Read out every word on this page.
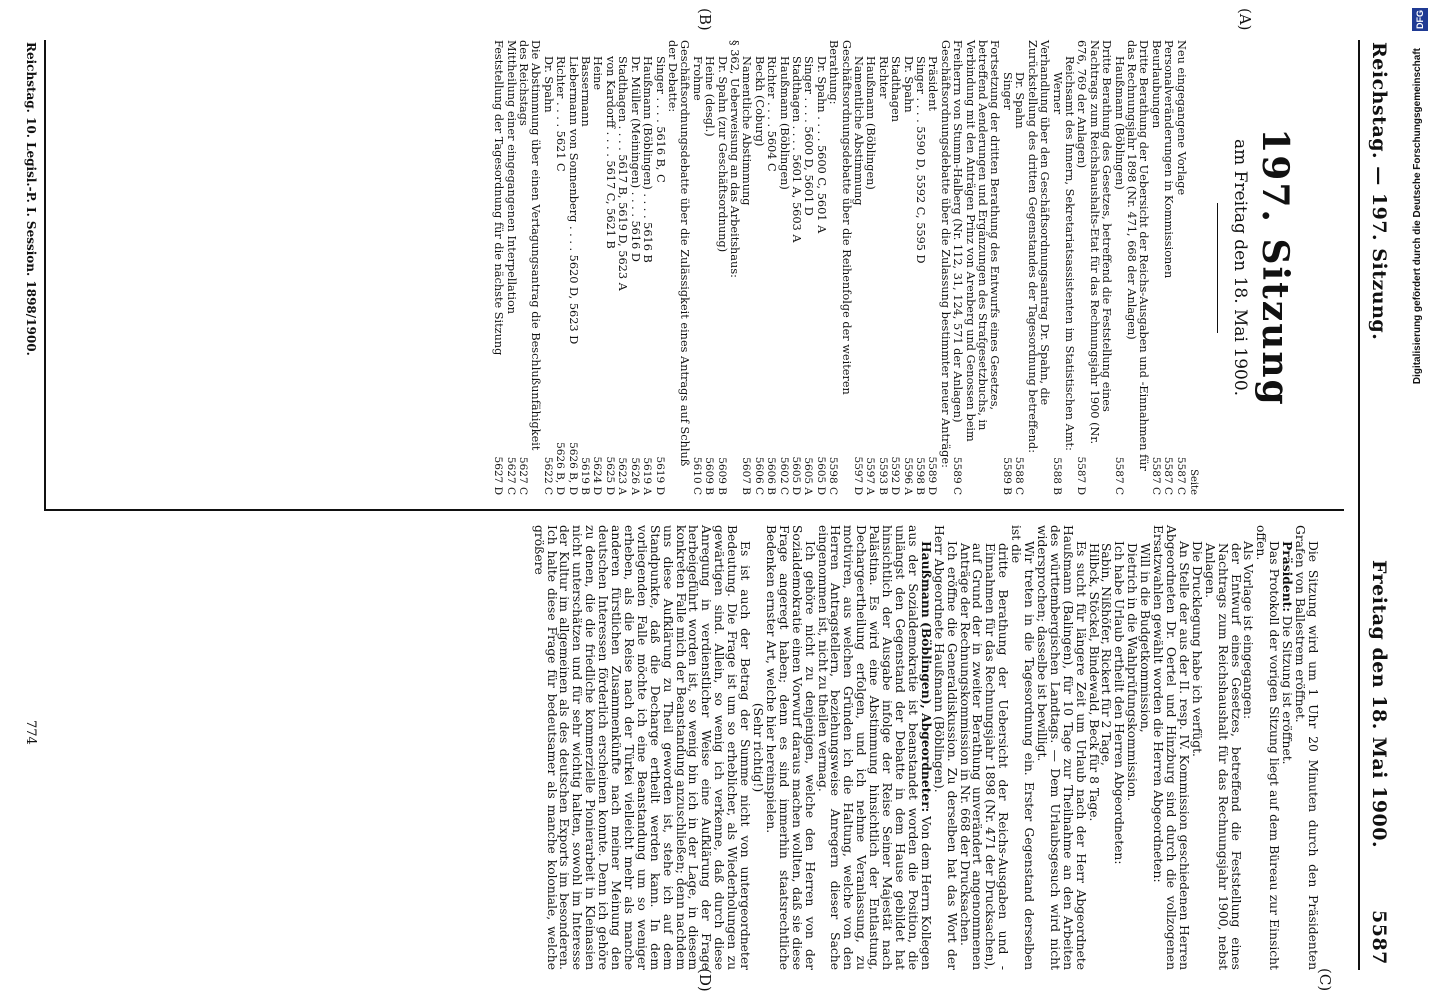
Reichstag. — 197. Sitzung.
Freitag den 18. Mai 1900.
5587
(A)
(B)
(C)
(D)
197. Sitzung

am Freitag den 18. Mai 1900.

Seite
Neu eingegangene Vorlage
5587 C
Personalveränderungen in Kommissionen
5587 C
Beurlaubungen
5587 C
Dritte Berathung der Uebersicht der Reichs-Ausgaben und -Einnahmen für das Rechnungsjahr 1898 (Nr. 471, 668 der Anlagen)
Haußmann (Böblingen)
5587 C
Dritte Berathung des Gesetzes, betreffend die Feststellung eines Nachtrags zum Reichshaushalts-Etat für das Rechnungsjahr 1900 (Nr. 676, 769 der Anlagen)
5587 D
Reichsamt des Innern, Sekretariatsassistenten im Statistischen Amt:
Werner
5588 B
Verhandlung über den Geschäftsordnungsantrag Dr. Spahn, die Zurückstellung des dritten Gegenstandes der Tagesordnung betreffend:
Dr. Spahn
5588 C
Singer
5589 B
Fortsetzung der dritten Berathung des Entwurfs eines Gesetzes, betreffend Aenderungen und Ergänzungen des Strafgesetzbuchs, in Verbindung mit den Anträgen Prinz von Arenberg und Genossen beim Freiherrn von Stumm-Halberg (Nr. 112, 31, 124, 571 der Anlagen)
5589 C
Geschäftsordnungsdebatte über die Zulassung bestimmter neuer Anträge:
Präsident
5589 D
Singer . . . . 5590 D, 5592 C, 5595 D
5598 B
Dr. Spahn
5596 A
Stadthagen
5592 D
Richter
5593 B
Haußmann (Böblingen)
5597 A
Namentliche Abstimmung
5597 D
Geschäftsordnungsdebatte über die Reihenfolge der weiteren Berathung:
5598 C
Dr. Spahn . . . . 5600 C, 5601 A
5605 D
Singer . . . . 5600 D, 5601 D
5605 A
Stadthagen . . . . 5601 A, 5603 A
5605 D
Haußmann (Böblingen)
5602 C
Richter . . . . 5604 C
5606 B
Beckh (Coburg)
5606 C
Namentliche Abstimmung
5607 B
§ 362, Ueberweisung an das Arbeitshaus:
Dr. Spahn (zur Geschäftsordnung)
5609 B
Heine (desgl.)
5609 B
Frohme
5610 C
Geschäftsordnungsdebatte über die Zulässigkeit eines Antrags auf Schluß der Debatte:
Singer . . . . 5616 B, C
5619 D
Haußmann (Böblingen) . . . . 5616 B
5619 A
Dr. Müller (Meiningen) . . . . 5616 D
5626 A
Stadthagen . . . . 5617 B, 5619 D, 5623 A
5623 A
von Kardorff . . . . 5617 C, 5621 B
5625 D
Heine
5624 D
Bassermann
5619 B
Liebermann von Sonnenberg . . . . 5620 D, 5623 D
5626 B, D
Richter . . . . 5621 C
5626 B, D
Dr. Spahn
5622 C
Die Abstimmung über einen Vertagungsantrag die Beschlußunfähigkeit des Reichstags
5627 C
Mittheilung einer eingegangenen Interpellation
5627 C
Feststellung der Tagesordnung für die nächste Sitzung
5627 D

Die Sitzung wird um 1 Uhr 20 Minuten durch den Präsidenten Grafen von Ballestrem eröffnet.

Präsident: Die Sitzung ist eröffnet.

Das Protokoll der vorigen Sitzung liegt auf dem Büreau zur Einsicht offen.

Als Vorlage ist eingegangen:

der Entwurf eines Gesetzes, betreffend die Feststellung eines Nachtrags zum Reichshaushalt für das Rechnungsjahr 1900, nebst Anlagen.

Die Drucklegung habe ich verfügt.

An Stelle der aus der II. resp. IV. Kommission geschiedenen Herren Abgeordneten Dr. Oertel und Hinzburg sind durch die vollzogenen Ersatzwahlen gewählt worden die Herren Abgeordneten:

Will in die Budgetkommission,

Dietrich in die Wahlprüfungskommission.

Ich habe Urlaub ertheilt den Herren Abgeordneten:

Sabin, Nißhöfer, Rickert für 2 Tage,

Hilbck, Stöckel, Bindewald, Beck für 8 Tage.

Es sucht für längere Zeit um Urlaub nach der Herr Abgeordnete Haußmann (Balingen), für 10 Tage zur Theilnahme an den Arbeiten des württembergischen Landtags. — Dem Urlaubsgesuch wird nicht widersprochen; dasselbe ist bewilligt.

Wir treten in die Tagesordnung ein. Erster Gegenstand derselben ist die

dritte Berathung der Uebersicht der Reichs-Ausgaben und -Einnahmen für das Rechnungsjahr 1898 (Nr. 471 der Drucksachen), auf Grund der in zweiter Berathung unverändert angenommenen Anträge der Rechnungskommission in Nr. 668 der Drucksachen.

Ich eröffne die Generaldiskussion. Zu derselben hat das Wort der Herr Abgeordnete Haußmann (Böblingen).

Haußmann (Böblingen), Abgeordneter: Von dem Herrn Kollegen aus der Sozialdemokratie ist beanstandet worden die Position, die unlängst den Gegenstand der Debatte in dem Hause gebildet hat hinsichtlich der Ausgabe infolge der Reise Seiner Majestät nach Palästina. Es wird eine Abstimmung hinsichtlich der Entlastung, Dechargeertheilung erfolgen, und ich nehme Veranlassung, zu motiviren, aus welchen Gründen ich die Haltung, welche von den Herren Antragstellern, beziehungsweise Anregern dieser Sache eingenommen ist, nicht zu theilen vermag.

Ich gehöre nicht zu denjenigen, welche den Herren von der Sozialdemokratie einen Vorwurf daraus machen wollten, daß sie diese Frage angeregt haben; denn es sind immerhin staatsrechtliche Bedenken ernster Art, welche hier hereinspielen.

(Sehr richtig!)

Es ist auch der Betrag der Summe nicht von untergeordneter Bedeutung. Die Frage ist um so erheblicher, als Wiederholungen zu gewärtigen sind. Allein, so wenig ich verkenne, daß durch diese Anregung in verdienstlicher Weise eine Aufklärung der Frage herbeigeführt worden ist, so wenig bin ich in der Lage, in diesem konkreten Falle mich der Beanstandung anzuschließen; denn nachdem uns diese Aufklärung zu Theil geworden ist, stehe ich auf dem Standpunkte, daß die Decharge ertheilt werden kann. In dem vorliegenden Falle möchte ich eine Beanstandung um so weniger erheben, als die Reise nach der Türkei vielleicht mehr als manche anderen fürstlichen Zusammenkünfte nach meiner Meinung den deutschen Interessen förderlich erscheinen konnte. Denn ich gehöre zu denen, die die friedliche kommerzielle Pionierarbeit in Kleinasien nicht unterschätzen und für sehr wichtig halten, sowohl im Interesse der Kultur im allgemeinen als des deutschen Exports im besonderen. Ich halte diese Frage für bedeutsamer als manche koloniale, welche größere

Reichstag. 10. Legisl.-P. I. Session. 1898/1900.
774
DFG
Digitalisierung gefördert durch die Deutsche Forschungsgemeinschaft
